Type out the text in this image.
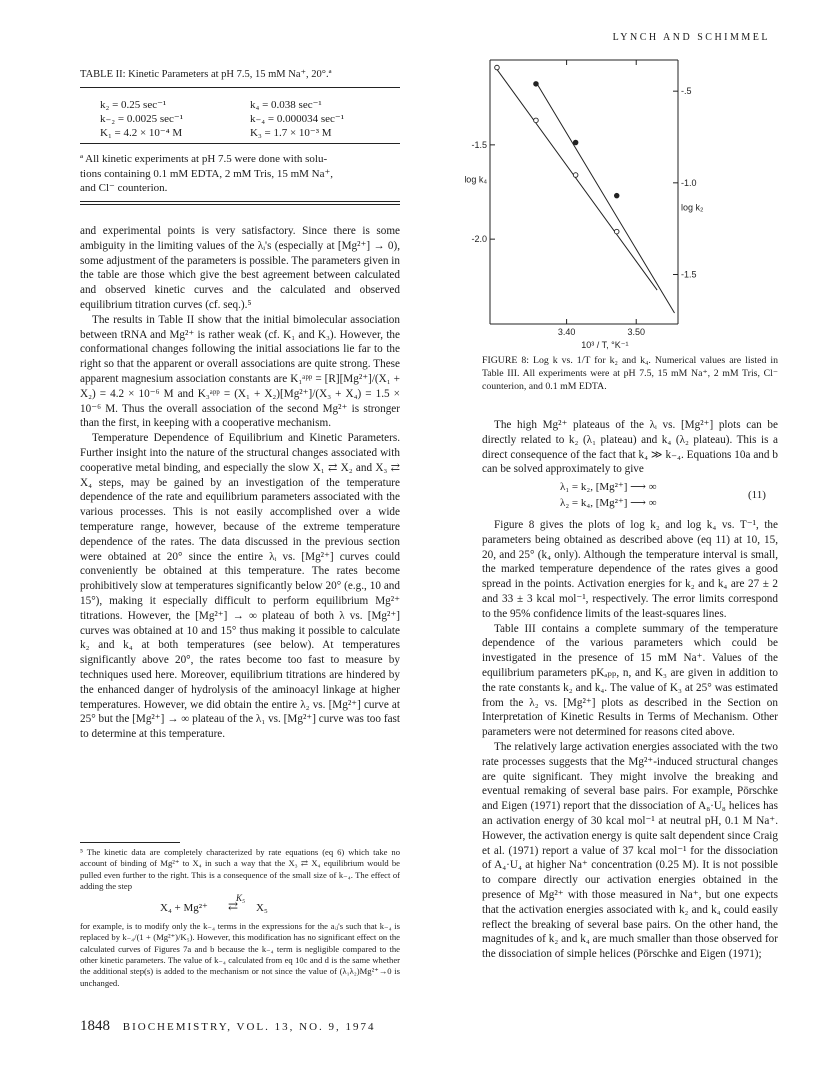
LYNCH AND SCHIMMEL
TABLE II: Kinetic Parameters at pH 7.5, 15 mM Na⁺, 20°.ª
k₂ = 0.25 sec⁻¹	k₄ = 0.038 sec⁻¹
k₋₂ = 0.0025 sec⁻¹	k₋₄ = 0.000034 sec⁻¹
K₁ = 4.2 × 10⁻⁴ M	K₃ = 1.7 × 10⁻³ M
ª All kinetic experiments at pH 7.5 were done with solu-
tions containing 0.1 mM EDTA, 2 mM Tris, 15 mM Na⁺,
and Cl⁻ counterion.

and experimental points is very satisfactory. Since there is some ambiguity in the limiting values of the λᵢ's (especially at [Mg²⁺] → 0), some adjustment of the parameters is possible. The parameters given in the table are those which give the best agreement between calculated and observed kinetic curves and the calculated and observed equilibrium titration curves (cf. seq.).⁵

The results in Table II show that the initial bimolecular association between tRNA and Mg²⁺ is rather weak (cf. K₁ and K₃). However, the conformational changes following the initial associations lie far to the right so that the apparent or overall associations are quite strong. These apparent magnesium association constants are K₁ᵃᵖᵖ = [R][Mg²⁺]/(X₁ + X₂) = 4.2 × 10⁻⁶ M and K₃ᵃᵖᵖ = (X₁ + X₂)[Mg²⁺]/(X₃ + X₄) = 1.5 × 10⁻⁶ M. Thus the overall association of the second Mg²⁺ is stronger than the first, in keeping with a cooperative mechanism.

Temperature Dependence of Equilibrium and Kinetic Parameters. Further insight into the nature of the structural changes associated with cooperative metal binding, and especially the slow X₁ ⇄ X₂ and X₃ ⇄ X₄ steps, may be gained by an investigation of the temperature dependence of the rate and equilibrium parameters associated with the various processes. This is not easily accomplished over a wide temperature range, however, because of the extreme temperature dependence of the rates. The data discussed in the previous section were obtained at 20° since the entire λᵢ vs. [Mg²⁺] curves could conveniently be obtained at this temperature. The rates become prohibitively slow at temperatures significantly below 20° (e.g., 10 and 15°), making it especially difficult to perform equilibrium Mg²⁺ titrations. However, the [Mg²⁺] → ∞ plateau of both λ vs. [Mg²⁺] curves was obtained at 10 and 15° thus making it possible to calculate k₂ and k₄ at both temperatures (see below). At temperatures significantly above 20°, the rates become too fast to measure by techniques used here. Moreover, equilibrium titrations are hindered by the enhanced danger of hydrolysis of the aminoacyl linkage at higher temperatures. However, we did obtain the entire λ₂ vs. [Mg²⁺] curve at 25° but the [Mg²⁺] → ∞ plateau of the λ₁ vs. [Mg²⁺] curve was too fast to determine at this temperature.

⁵ The kinetic data are completely characterized by rate equations (eq 6) which take no account of binding of Mg²⁺ to X₄ in such a way that the X₃ ⇄ X₄ equilibrium would be pulled even further to the right. This is a consequence of the small size of k₋₄. The effect of adding the step

X₄ + Mg²⁺
K₅
⇄ X₅

for example, is to modify only the k₋₄ terms in the expressions for the aᵢⱼ's such that k₋₄ is replaced by k₋₄/(1 + (Mg²⁺)/K₅). However, this modification has no significant effect on the calculated curves of Figures 7a and b because the k₋₄ term is negligible compared to the other kinetic parameters. The value of k₋₄ calculated from eq 10c and d is the same whether the additional step(s) is added to the mechanism or not since the value of (λ₁λ₂)Mg²⁺→0 is unchanged.

1848 BIOCHEMISTRY, VOL. 13, NO. 9, 1974
-1.5
-2.0
-.5
-1.0
-1.5
3.40	3.50
10³ / T, °K⁻¹
log k₄
log k₂
FIGURE 8: Log k vs. 1/T for k₂ and k₄. Numerical values are listed in Table III. All experiments were at pH 7.5, 15 mM Na⁺, 2 mM Tris, Cl⁻ counterion, and 0.1 mM EDTA.

The high Mg²⁺ plateaus of the λᵢ vs. [Mg²⁺] plots can be directly related to k₂ (λ₁ plateau) and k₄ (λ₂ plateau). This is a direct consequence of the fact that k₄ ≫ k₋₄. Equations 10a and b can be solved approximately to give

λ₁ = k₂, [Mg²⁺] ⟶ ∞
λ₂ = k₄, [Mg²⁺] ⟶ ∞
(11)

Figure 8 gives the plots of log k₂ and log k₄ vs. T⁻¹, the parameters being obtained as described above (eq 11) at 10, 15, 20, and 25° (k₄ only). Although the temperature interval is small, the marked temperature dependence of the rates gives a good spread in the points. Activation energies for k₂ and k₄ are 27 ± 2 and 33 ± 3 kcal mol⁻¹, respectively. The error limits correspond to the 95% confidence limits of the least-squares lines.

Table III contains a complete summary of the temperature dependence of the various parameters which could be investigated in the presence of 15 mM Na⁺. Values of the equilibrium parameters pKₐₚₚ, n, and K₃ are given in addition to the rate constants k₂ and k₄. The value of K₃ at 25° was estimated from the λ₂ vs. [Mg²⁺] plots as described in the Section on Interpretation of Kinetic Results in Terms of Mechanism. Other parameters were not determined for reasons cited above.

The relatively large activation energies associated with the two rate processes suggests that the Mg²⁺-induced structural changes are quite significant. They might involve the breaking and eventual remaking of several base pairs. For example, Pörschke and Eigen (1971) report that the dissociation of A₈·U₈ helices has an activation energy of 30 kcal mol⁻¹ at neutral pH, 0.1 M Na⁺. However, the activation energy is quite salt dependent since Craig et al. (1971) report a value of 37 kcal mol⁻¹ for the dissociation of A₄·U₄ at higher Na⁺ concentration (0.25 M). It is not possible to compare directly our activation energies obtained in the presence of Mg²⁺ with those measured in Na⁺, but one expects that the activation energies associated with k₂ and k₄ could easily reflect the breaking of several base pairs. On the other hand, the magnitudes of k₂ and k₄ are much smaller than those observed for the dissociation of simple helices (Pörschke and Eigen (1971);
